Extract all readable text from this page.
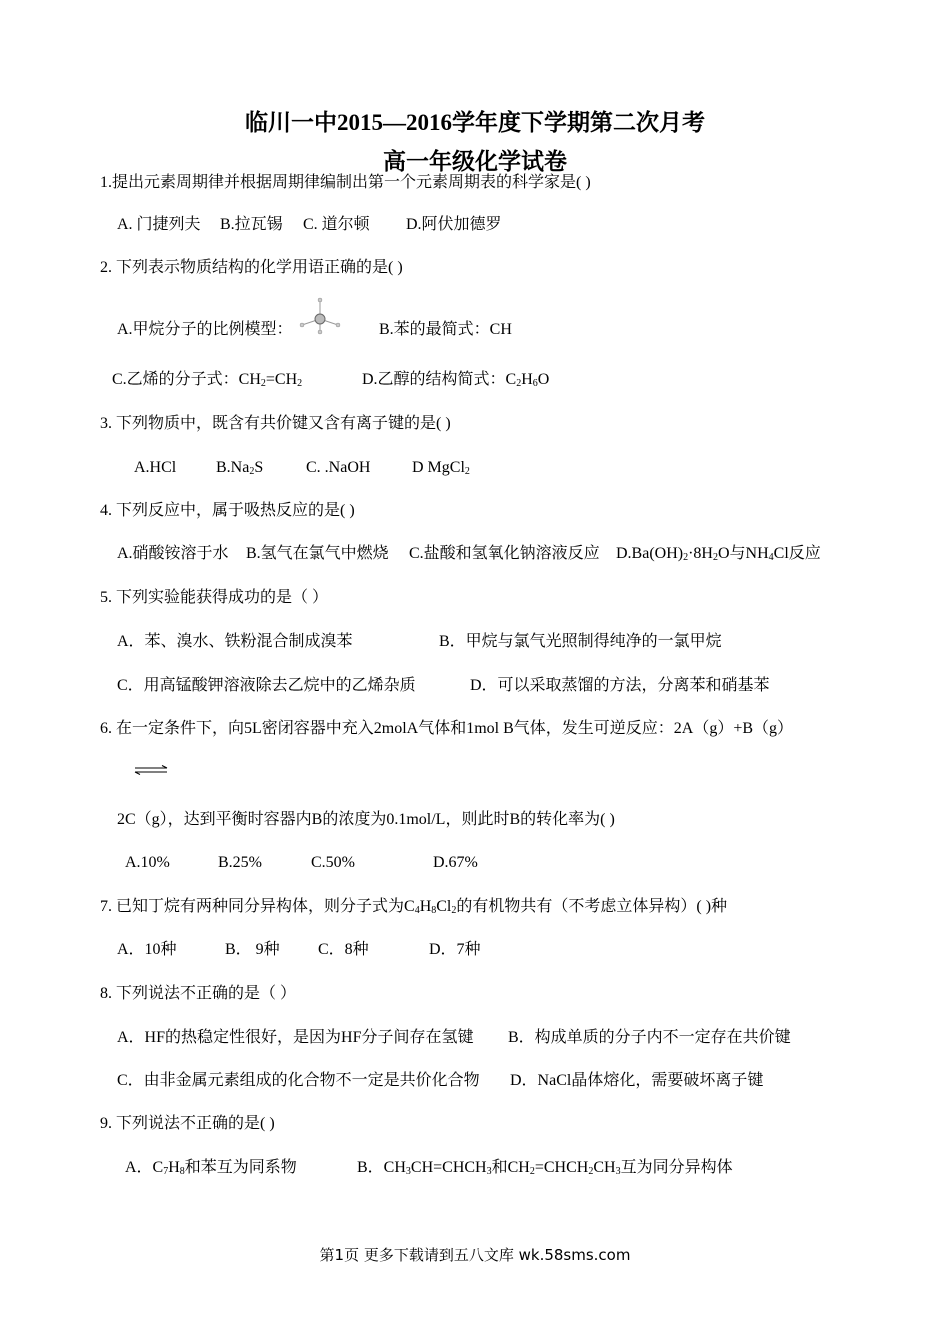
临川一中2015—2016学年度下学期第二次月考
高一年级化学试卷
1.提出元素周期律并根据周期律编制出第一个元素周期表的科学家是( )
A. 门捷列夫 B.拉瓦锡 C. 道尔顿 D.阿伏加德罗
2. 下列表示物质结构的化学用语正确的是( )
A.甲烷分子的比例模型：	B.苯的最简式：CH
C.乙烯的分子式：$CH_2=CH_2$	D.乙醇的结构简式：$C_2H_6O$
3. 下列物质中，既含有共价键又含有离子键的是( )
A.HCl $B.Na_2S$	C. .NaOH	D MgCl$_2$
4. 下列反应中，属于吸热反应的是( )
A.硝酸铵溶于水 B.氢气在氯气中燃烧 C.盐酸和氢氧化钠溶液反应 $D.Ba(OH)_2\cdot 8H_2O$与$NH_4Cl$反应
5. 下列实验能获得成功的是（ ）
A．苯、溴水、铁粉混合制成溴苯	B．甲烷与氯气光照制得纯净的一氯甲烷
C．用高锰酸钾溶液除去乙烷中的乙烯杂质	D．可以采取蒸馏的方法，分离苯和硝基苯
6. 在一定条件下，向5L密闭容器中充入2molA气体和1mol B气体，发生可逆反应：2A（g）+B（g）
2C（g），达到平衡时容器内B的浓度为0.1mol/L，则此时B的转化率为( )
A.10%	B.25%	C.50%	D.67%
7. 已知丁烷有两种同分异构体，则分子式为$C_4H_8Cl_2$的有机物共有（不考虑立体异构）( )种
A．10种	B． 9种 C．8种	D．7种
8. 下列说法不正确的是（ ）
A．HF的热稳定性很好，是因为HF分子间存在氢键 B．构成单质的分子内不一定存在共价键
C．由非金属元素组成的化合物不一定是共价化合物 D．NaCl晶体熔化，需要破坏离子键
9. 下列说法不正确的是( )
A．$C_7H_8$和苯互为同系物	B．$CH_3CH=CHCH_3$和$CH_2=CHCH_2CH_3$互为同分异构体
第1页 更多下载请到五八文库 wk.58sms.com
